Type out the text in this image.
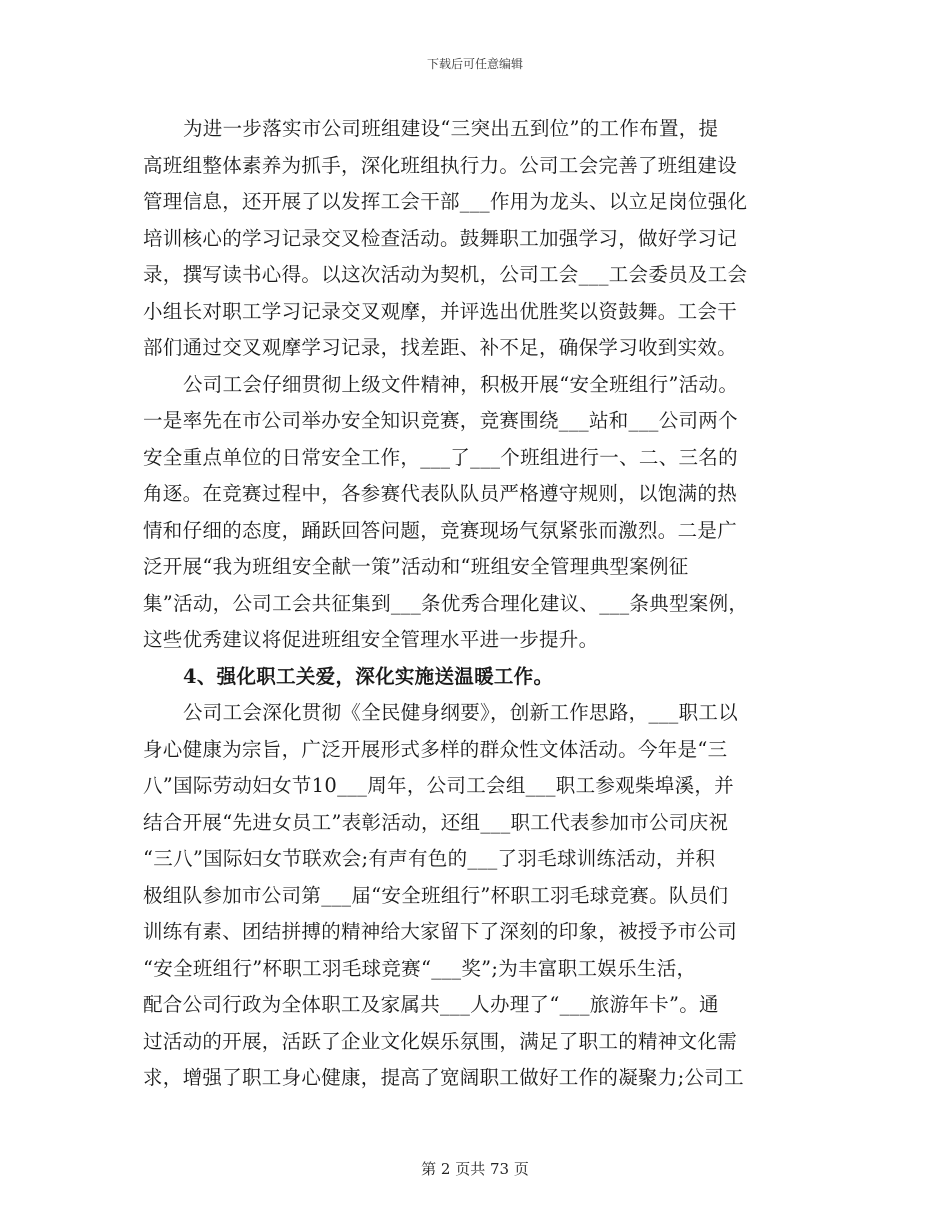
下载后可任意编辑
为进一步落实市公司班组建设“三突出五到位”的工作布置，提
高班组整体素养为抓手，深化班组执行力。公司工会完善了班组建设
管理信息，还开展了以发挥工会干部___作用为龙头、以立足岗位强化
培训核心的学习记录交叉检查活动。鼓舞职工加强学习，做好学习记
录，撰写读书心得。以这次活动为契机，公司工会___工会委员及工会
小组长对职工学习记录交叉观摩，并评选出优胜奖以资鼓舞。工会干
部们通过交叉观摩学习记录，找差距、补不足，确保学习收到实效。
公司工会仔细贯彻上级文件精神，积极开展“安全班组行”活动。
一是率先在市公司举办安全知识竞赛，竞赛围绕___站和___公司两个
安全重点单位的日常安全工作，___了___个班组进行一、二、三名的
角逐。在竞赛过程中，各参赛代表队队员严格遵守规则，以饱满的热
情和仔细的态度，踊跃回答问题，竞赛现场气氛紧张而激烈。二是广
泛开展“我为班组安全献一策”活动和“班组安全管理典型案例征
集”活动，公司工会共征集到___条优秀合理化建议、___条典型案例，
这些优秀建议将促进班组安全管理水平进一步提升。
4、强化职工关爱，深化实施送温暖工作。
公司工会深化贯彻《全民健身纲要》，创新工作思路，___职工以
身心健康为宗旨，广泛开展形式多样的群众性文体活动。今年是“三
八”国际劳动妇女节10___周年，公司工会组___职工参观柴埠溪，并
结合开展“先进女员工”表彰活动，还组___职工代表参加市公司庆祝
“三八”国际妇女节联欢会;有声有色的___了羽毛球训练活动，并积
极组队参加市公司第___届“安全班组行”杯职工羽毛球竞赛。队员们
训练有素、团结拼搏的精神给大家留下了深刻的印象，被授予市公司
“安全班组行”杯职工羽毛球竞赛“___奖”;为丰富职工娱乐生活，
配合公司行政为全体职工及家属共___人办理了“___旅游年卡”。通
过活动的开展，活跃了企业文化娱乐氛围，满足了职工的精神文化需
求，增强了职工身心健康，提高了宽阔职工做好工作的凝聚力;公司工
第 2 页共 73 页
